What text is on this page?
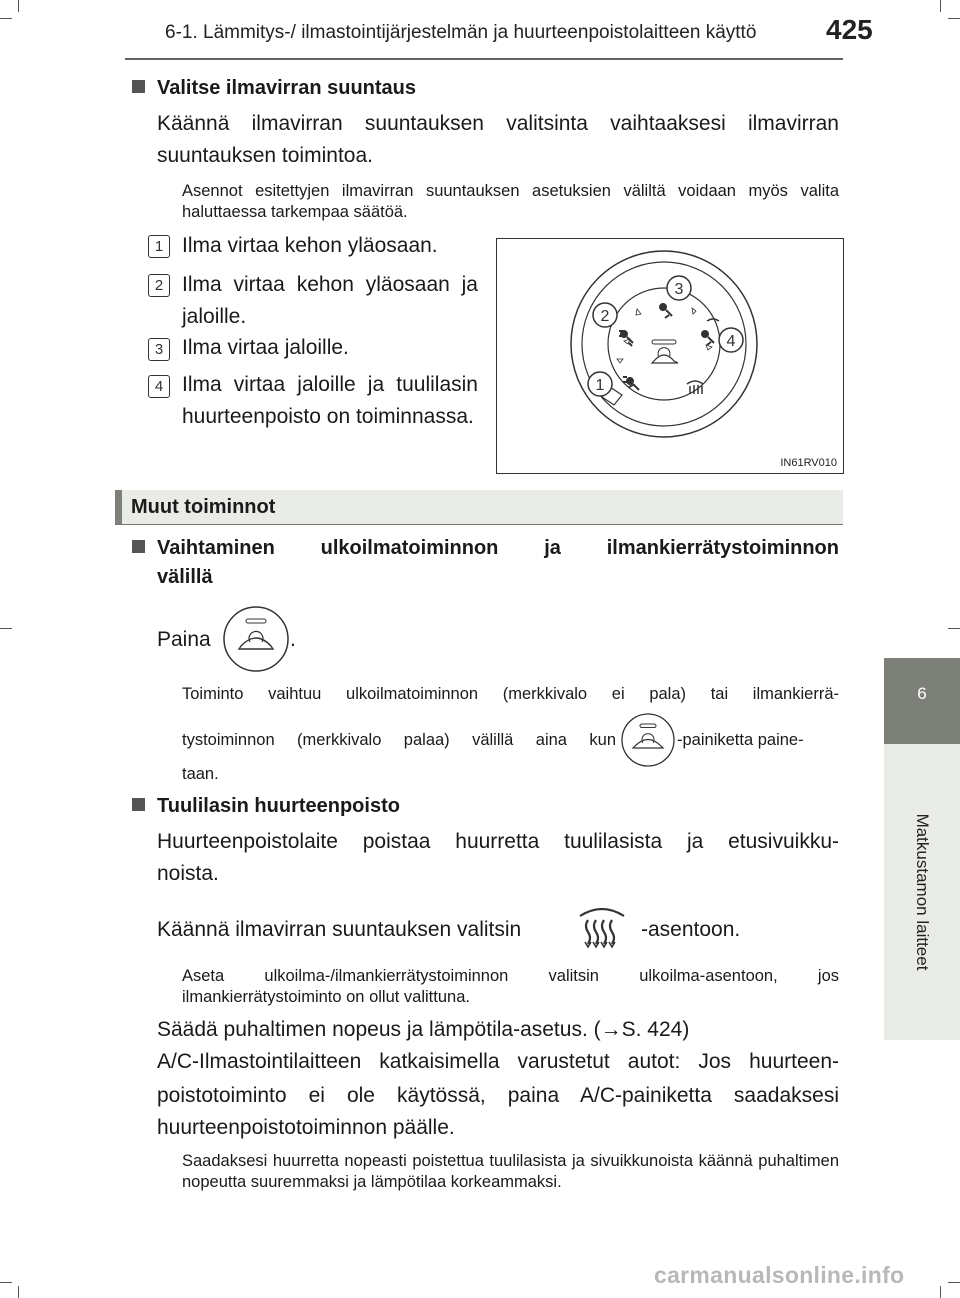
6-1. Lämmitys-/ ilmastointijärjestelmän ja huurteenpoistolaitteen käyttö 425
6
Matkustamon laitteet
Valitse ilmavirran suuntaus
Käännä ilmavirran suuntauksen valitsinta vaihtaaksesi ilmavirran suuntauksen toimintoa.
Asennot esitettyjen ilmavirran suuntauksen asetuksien väliltä voidaan myös valita haluttaessa tarkempaa säätöä.
1 Ilma virtaa kehon yläosaan.
2 Ilma virtaa kehon yläosaan ja jaloille.
3 Ilma virtaa jaloille.
4 Ilma virtaa jaloille ja tuulilasin huurteenpoisto on toiminnassa.
1
2
3
4
IN61RV010
Muut toiminnot
Vaihtaminen ulkoilmatoiminnon ja ilmankierrätystoiminnon
välillä
Paina	.
Toiminto vaihtuu ulkoilmatoiminnon (merkkivalo ei pala) tai ilmankierrä-
tystoiminnon (merkkivalo palaa) välillä aina kun	-painiketta paine-
taan.
Tuulilasin huurteenpoisto
Huurteenpoistolaite poistaa huurretta tuulilasista ja etusivuikku-
noista.
Käännä ilmavirran suuntauksen valitsin	-asentoon.
Aseta ulkoilma-/ilmankierrätystoiminnon valitsin ulkoilma-asentoon, jos ilmankierrätystoiminto on ollut valittuna.
Säädä puhaltimen nopeus ja lämpötila-asetus. (→S. 424)
A/C-Ilmastointilaitteen katkaisimella varustetut autot: Jos huurteen-
poistotoiminto ei ole käytössä, paina A/C-painiketta saadaksesi
huurteenpoistotoiminnon päälle.
Saadaksesi huurretta nopeasti poistettua tuulilasista ja sivuikkunoista käännä puhaltimen nopeutta suuremmaksi ja lämpötilaa korkeammaksi.
carmanualsonline.info
